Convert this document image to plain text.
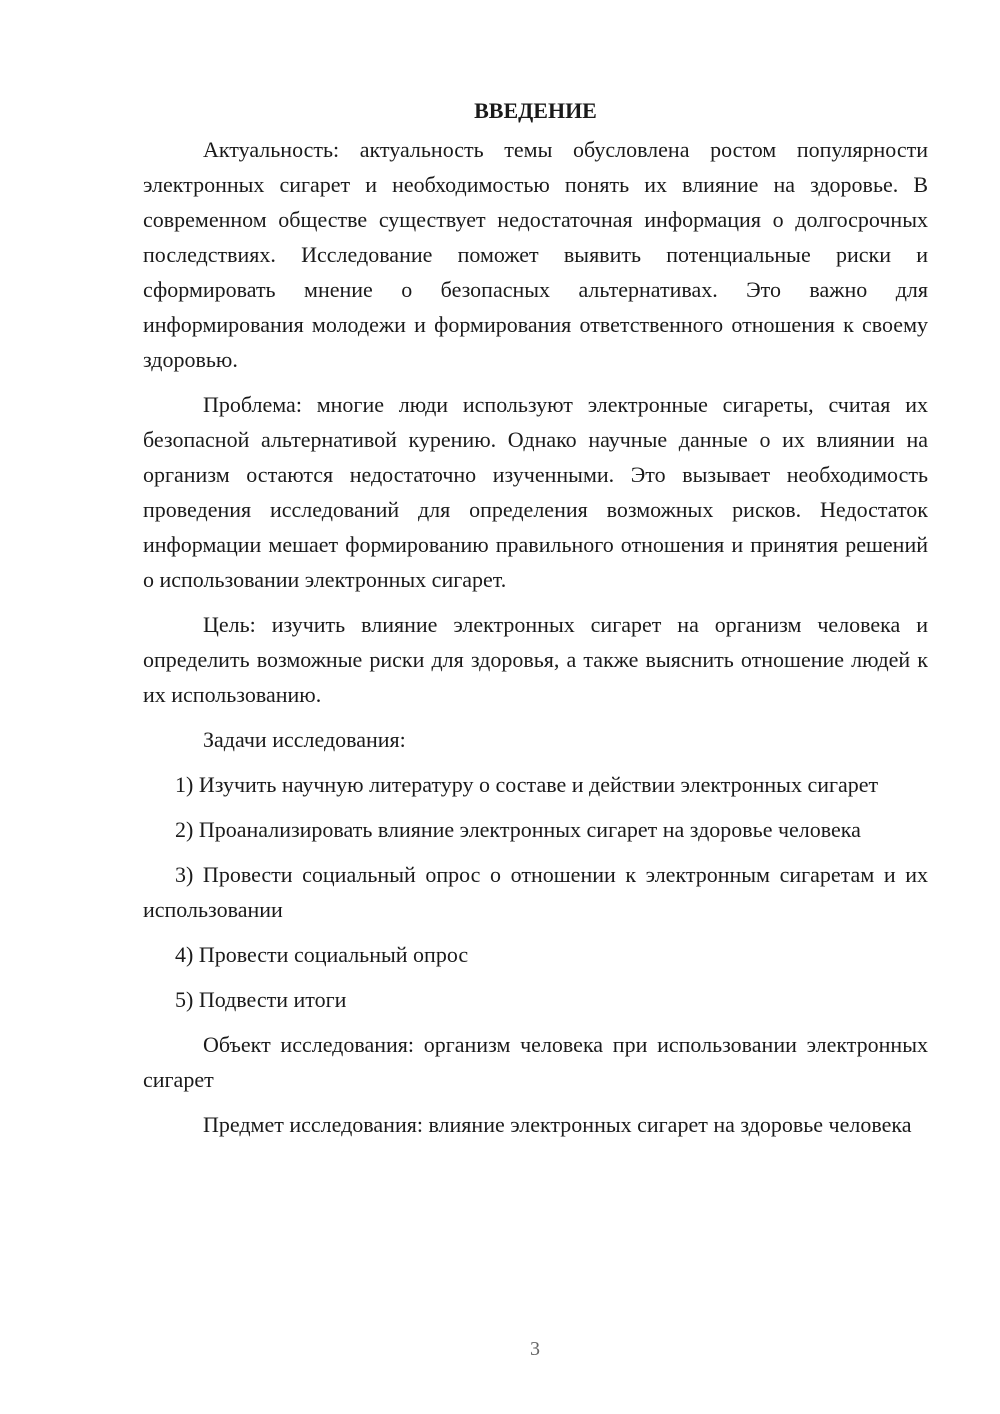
ВВЕДЕНИЕ

Актуальность: актуальность темы обусловлена ростом популярности электронных сигарет и необходимостью понять их влияние на здоровье. В современном обществе существует недостаточная информация о долгосрочных последствиях. Исследование поможет выявить потенциальные риски и сформировать мнение о безопасных альтернативах. Это важно для информирования молодежи и формирования ответственного отношения к своему здоровью.

Проблема: многие люди используют электронные сигареты, считая их безопасной альтернативой курению. Однако научные данные о их влиянии на организм остаются недостаточно изученными. Это вызывает необходимость проведения исследований для определения возможных рисков. Недостаток информации мешает формированию правильного отношения и принятия решений о использовании электронных сигарет.

Цель: изучить влияние электронных сигарет на организм человека и определить возможные риски для здоровья, а также выяснить отношение людей к их использованию.

Задачи исследования:

1) Изучить научную литературу о составе и действии электронных сигарет

2) Проанализировать влияние электронных сигарет на здоровье человека

3) Провести социальный опрос о отношении к электронным сигаретам и их использовании

4) Провести социальный опрос

5) Подвести итоги

Объект исследования: организм человека при использовании электронных сигарет

Предмет исследования: влияние электронных сигарет на здоровье человека

3
